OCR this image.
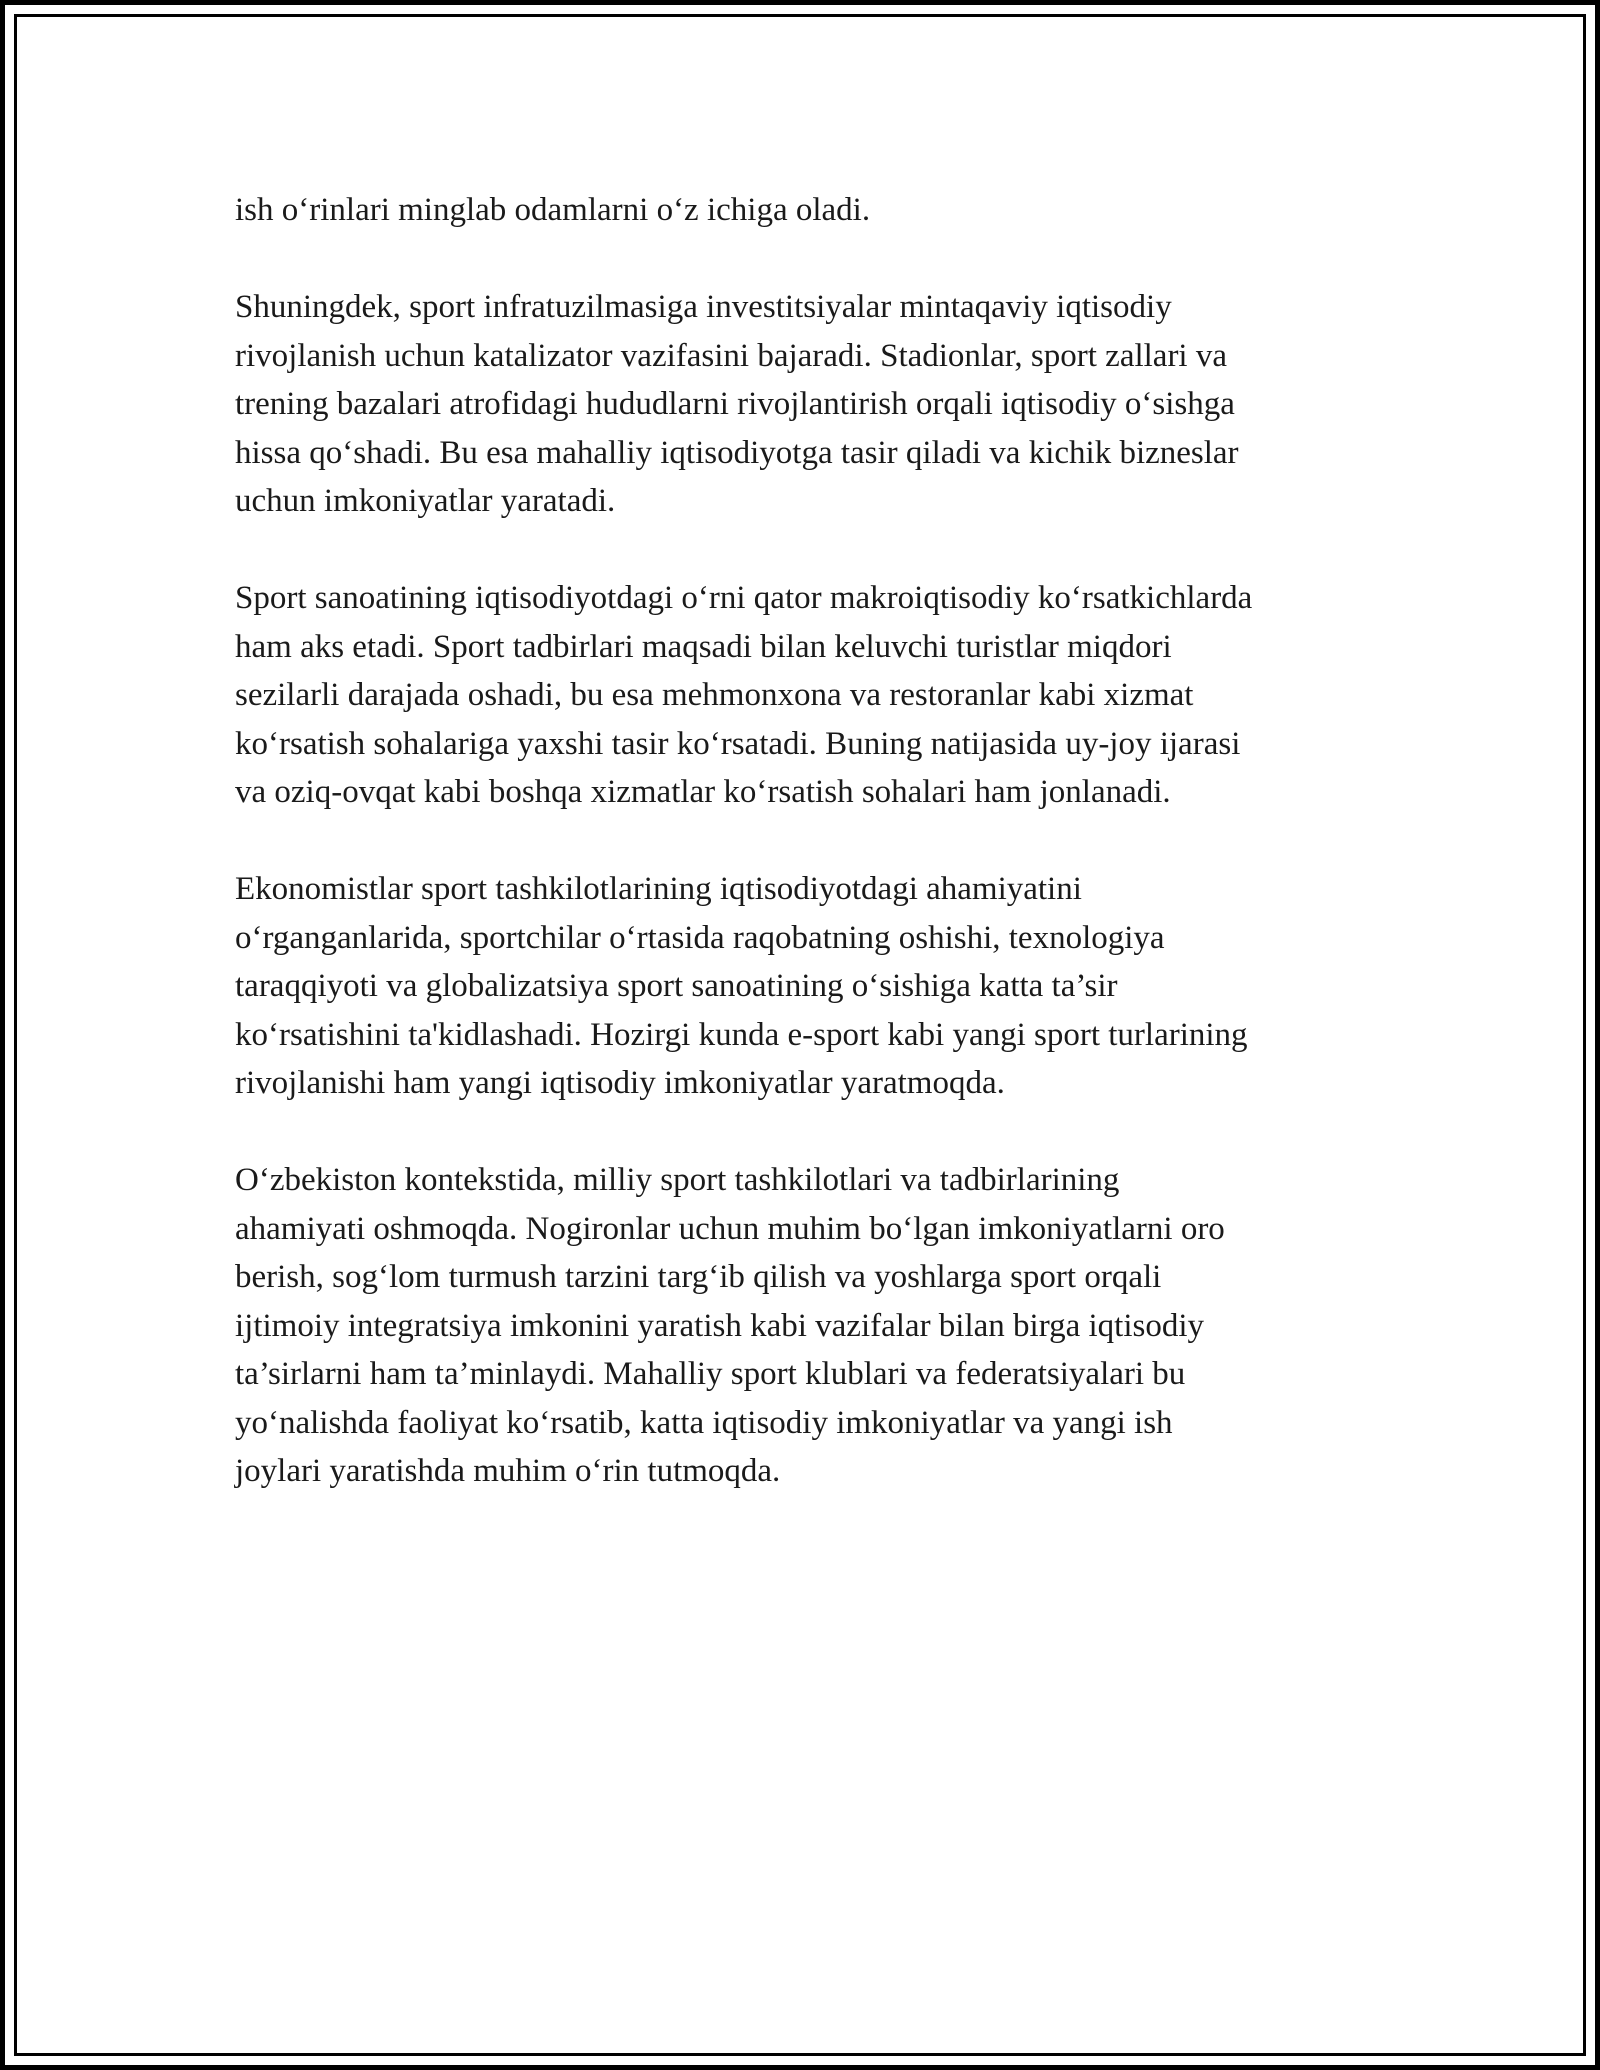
ish o‘rinlari minglab odamlarni o‘z ichiga oladi.

Shuningdek, sport infratuzilmasiga investitsiyalar mintaqaviy iqtisodiy
rivojlanish uchun katalizator vazifasini bajaradi. Stadionlar, sport zallari va
trening bazalari atrofidagi hududlarni rivojlantirish orqali iqtisodiy o‘sishga
hissa qo‘shadi. Bu esa mahalliy iqtisodiyotga tasir qiladi va kichik bizneslar
uchun imkoniyatlar yaratadi.

Sport sanoatining iqtisodiyotdagi o‘rni qator makroiqtisodiy ko‘rsatkichlarda
ham aks etadi. Sport tadbirlari maqsadi bilan keluvchi turistlar miqdori
sezilarli darajada oshadi, bu esa mehmonxona va restoranlar kabi xizmat
ko‘rsatish sohalariga yaxshi tasir ko‘rsatadi. Buning natijasida uy-joy ijarasi
va oziq-ovqat kabi boshqa xizmatlar ko‘rsatish sohalari ham jonlanadi.

Ekonomistlar sport tashkilotlarining iqtisodiyotdagi ahamiyatini
o‘rganganlarida, sportchilar o‘rtasida raqobatning oshishi, texnologiya
taraqqiyoti va globalizatsiya sport sanoatining o‘sishiga katta ta’sir
ko‘rsatishini ta'kidlashadi. Hozirgi kunda e-sport kabi yangi sport turlarining
rivojlanishi ham yangi iqtisodiy imkoniyatlar yaratmoqda.

O‘zbekiston kontekstida, milliy sport tashkilotlari va tadbirlarining
ahamiyati oshmoqda. Nogironlar uchun muhim bo‘lgan imkoniyatlarni oro
berish, sog‘lom turmush tarzini targ‘ib qilish va yoshlarga sport orqali
ijtimoiy integratsiya imkonini yaratish kabi vazifalar bilan birga iqtisodiy
ta’sirlarni ham ta’minlaydi. Mahalliy sport klublari va federatsiyalari bu
yo‘nalishda faoliyat ko‘rsatib, katta iqtisodiy imkoniyatlar va yangi ish
joylari yaratishda muhim o‘rin tutmoqda.
